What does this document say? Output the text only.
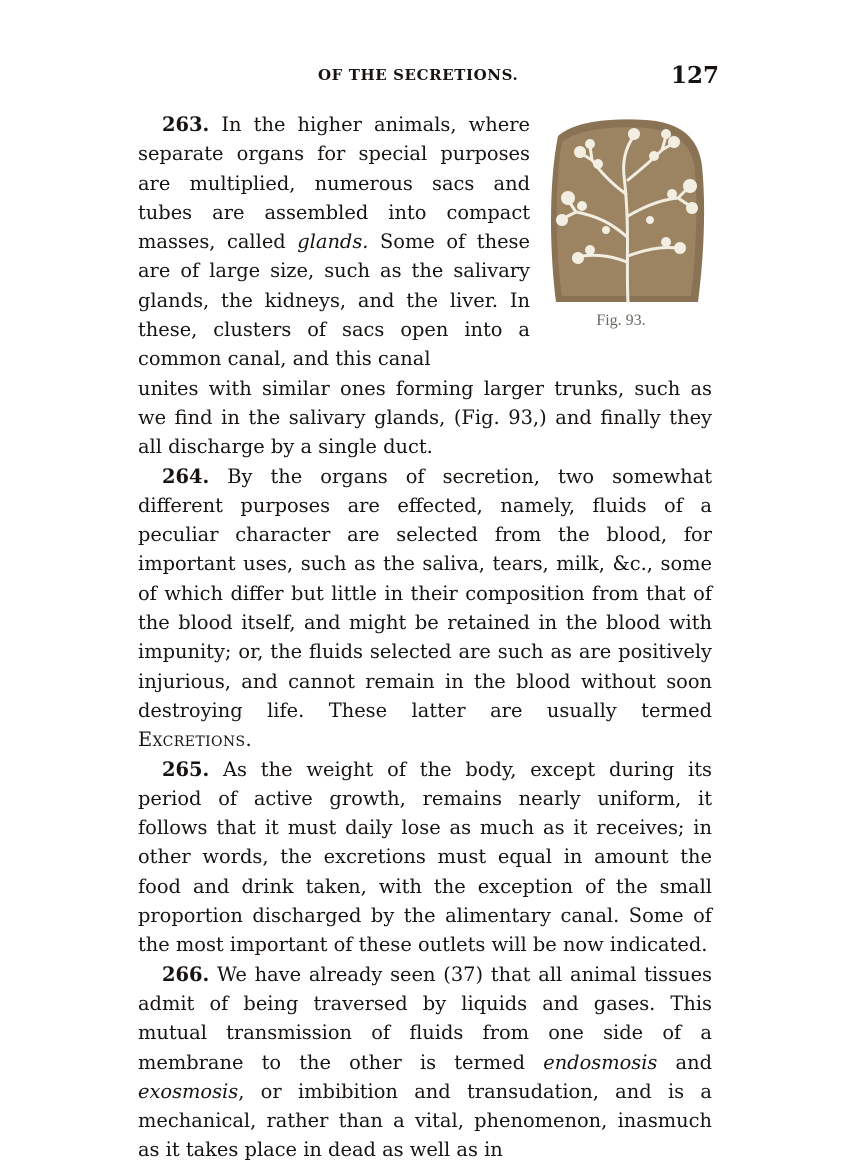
OF THE SECRETIONS.	127
Fig. 93.

263. In the higher animals, where separate organs for special purposes are multiplied, numerous sacs and tubes are assembled into compact masses, called glands. Some of these are of large size, such as the salivary glands, the kidneys, and the liver. In these, clusters of sacs open into a common canal, and this canal

unites with similar ones forming larger trunks, such as we find in the salivary glands, (Fig. 93,) and finally they all discharge by a single duct.

264. By the organs of secretion, two somewhat different purposes are effected, namely, fluids of a peculiar character are selected from the blood, for important uses, such as the saliva, tears, milk, &c., some of which differ but little in their composition from that of the blood itself, and might be retained in the blood with impunity; or, the fluids selected are such as are positively injurious, and cannot remain in the blood without soon destroying life. These latter are usually termed Excretions.

265. As the weight of the body, except during its period of active growth, remains nearly uniform, it follows that it must daily lose as much as it receives; in other words, the excretions must equal in amount the food and drink taken, with the exception of the small proportion discharged by the alimentary canal. Some of the most important of these outlets will be now indicated.

266. We have already seen (37) that all animal tissues admit of being traversed by liquids and gases. This mutual transmission of fluids from one side of a membrane to the other is termed endosmosis and exosmosis, or imbibition and transudation, and is a mechanical, rather than a vital, phenomenon, inasmuch as it takes place in dead as well as in
